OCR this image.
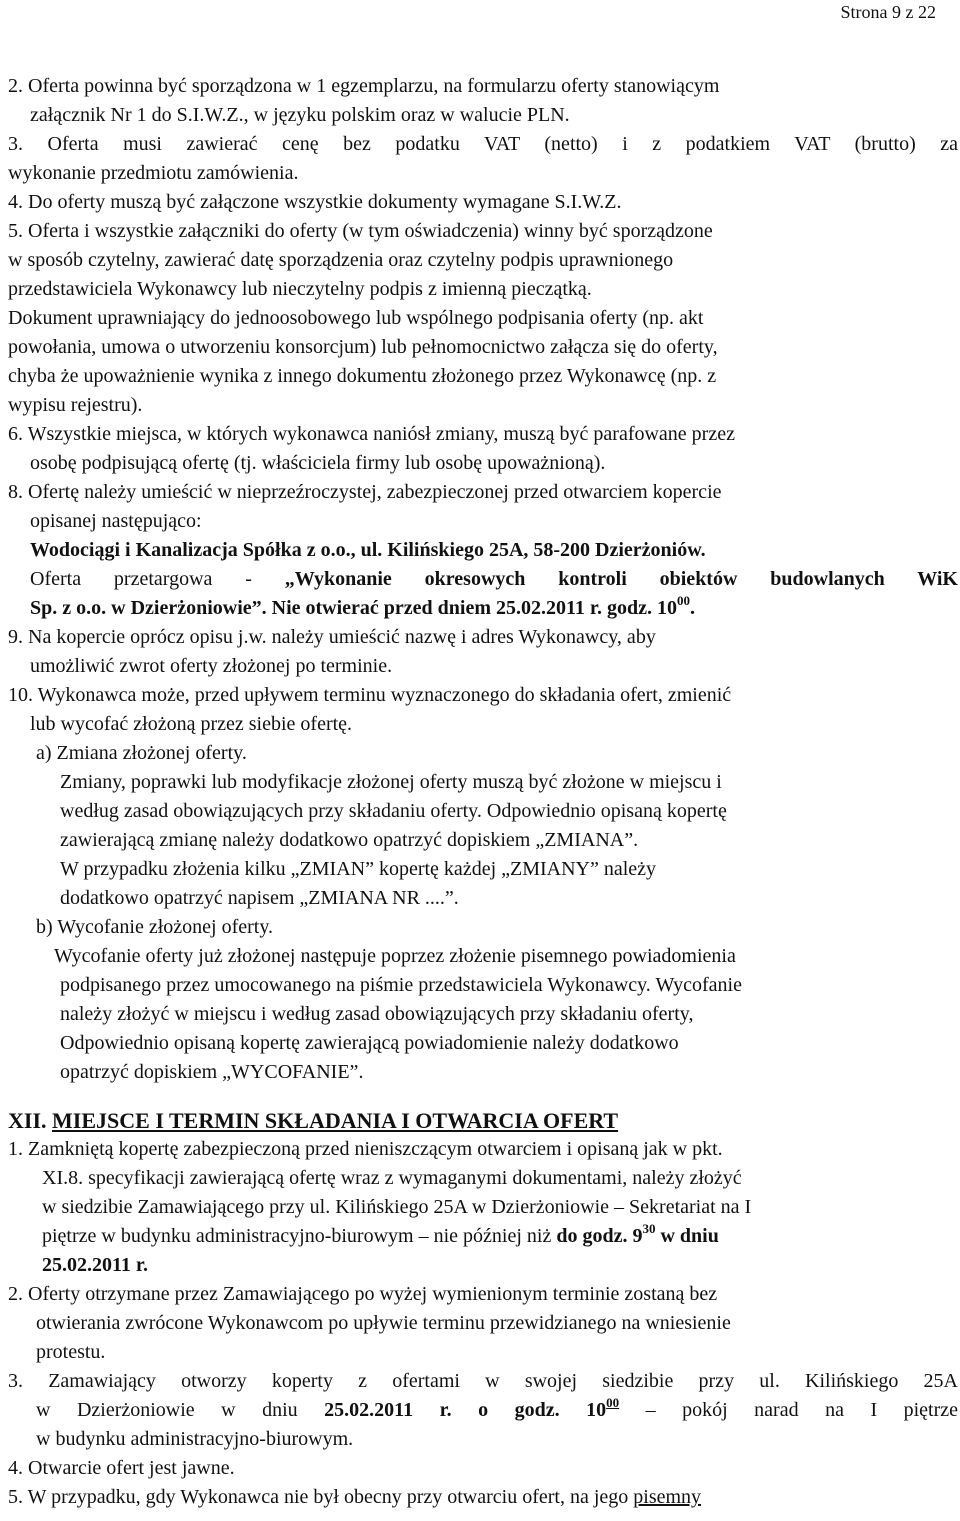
Strona 9 z 22
2. Oferta powinna być sporządzona w 1 egzemplarzu, na formularzu oferty stanowiącym
załącznik Nr 1 do S.I.W.Z., w języku polskim oraz w walucie PLN.
3. Oferta musi zawierać cenę bez podatku VAT (netto) i z podatkiem VAT (brutto) za
wykonanie przedmiotu zamówienia.
4. Do oferty muszą być załączone wszystkie dokumenty wymagane S.I.W.Z.
5. Oferta i wszystkie załączniki do oferty (w tym oświadczenia) winny być sporządzone
w sposób czytelny, zawierać datę sporządzenia oraz czytelny podpis uprawnionego
przedstawiciela Wykonawcy lub nieczytelny podpis z imienną pieczątką.
Dokument uprawniający do jednoosobowego lub wspólnego podpisania oferty (np. akt
powołania, umowa o utworzeniu konsorcjum) lub pełnomocnictwo załącza się do oferty,
chyba że upoważnienie wynika z innego dokumentu złożonego przez Wykonawcę (np. z
wypisu rejestru).
6. Wszystkie miejsca, w których wykonawca naniósł zmiany, muszą być parafowane przez
osobę podpisującą ofertę (tj. właściciela firmy lub osobę upoważnioną).
8. Ofertę należy umieścić w nieprzeźroczystej, zabezpieczonej przed otwarciem kopercie
opisanej następująco:
Wodociągi i Kanalizacja Spółka z o.o., ul. Kilińskiego 25A, 58-200 Dzierżoniów.
Oferta przetargowa - „Wykonanie okresowych kontroli obiektów budowlanych WiK
Sp. z o.o. w Dzierżoniowie”. Nie otwierać przed dniem 25.02.2011 r. godz. $10^{00}$.
9. Na kopercie oprócz opisu j.w. należy umieścić nazwę i adres Wykonawcy, aby
umożliwić zwrot oferty złożonej po terminie.
10. Wykonawca może, przed upływem terminu wyznaczonego do składania ofert, zmienić
lub wycofać złożoną przez siebie ofertę.
a) Zmiana złożonej oferty.
Zmiany, poprawki lub modyfikacje złożonej oferty muszą być złożone w miejscu i
według zasad obowiązujących przy składaniu oferty. Odpowiednio opisaną kopertę
zawierającą zmianę należy dodatkowo opatrzyć dopiskiem „ZMIANA”.
W przypadku złożenia kilku „ZMIAN” kopertę każdej „ZMIANY” należy
dodatkowo opatrzyć napisem „ZMIANA NR ....”.
b) Wycofanie złożonej oferty.
Wycofanie oferty już złożonej następuje poprzez złożenie pisemnego powiadomienia
podpisanego przez umocowanego na piśmie przedstawiciela Wykonawcy. Wycofanie
należy złożyć w miejscu i według zasad obowiązujących przy składaniu oferty,
Odpowiednio opisaną kopertę zawierającą powiadomienie należy dodatkowo
opatrzyć dopiskiem „WYCOFANIE”.
XII. MIEJSCE I TERMIN SKŁADANIA I OTWARCIA OFERT
1. Zamkniętą kopertę zabezpieczoną przed nieniszczącym otwarciem i opisaną jak w pkt.
XI.8. specyfikacji zawierającą ofertę wraz z wymaganymi dokumentami, należy złożyć
w siedzibie Zamawiającego przy ul. Kilińskiego 25A w Dzierżoniowie – Sekretariat na I
piętrze w budynku administracyjno-biurowym – nie później niż do godz. $9^{30}$ w dniu
25.02.2011 r.
2. Oferty otrzymane przez Zamawiającego po wyżej wymienionym terminie zostaną bez
otwierania zwrócone Wykonawcom po upływie terminu przewidzianego na wniesienie
protestu.
3. Zamawiający otworzy koperty z ofertami w swojej siedzibie przy ul. Kilińskiego 25A
w Dzierżoniowie w dniu 25.02.2011 r. o godz. $10^{00}$ – pokój narad na I piętrze
w budynku administracyjno-biurowym.
4. Otwarcie ofert jest jawne.
5. W przypadku, gdy Wykonawca nie był obecny przy otwarciu ofert, na jego pisemny
